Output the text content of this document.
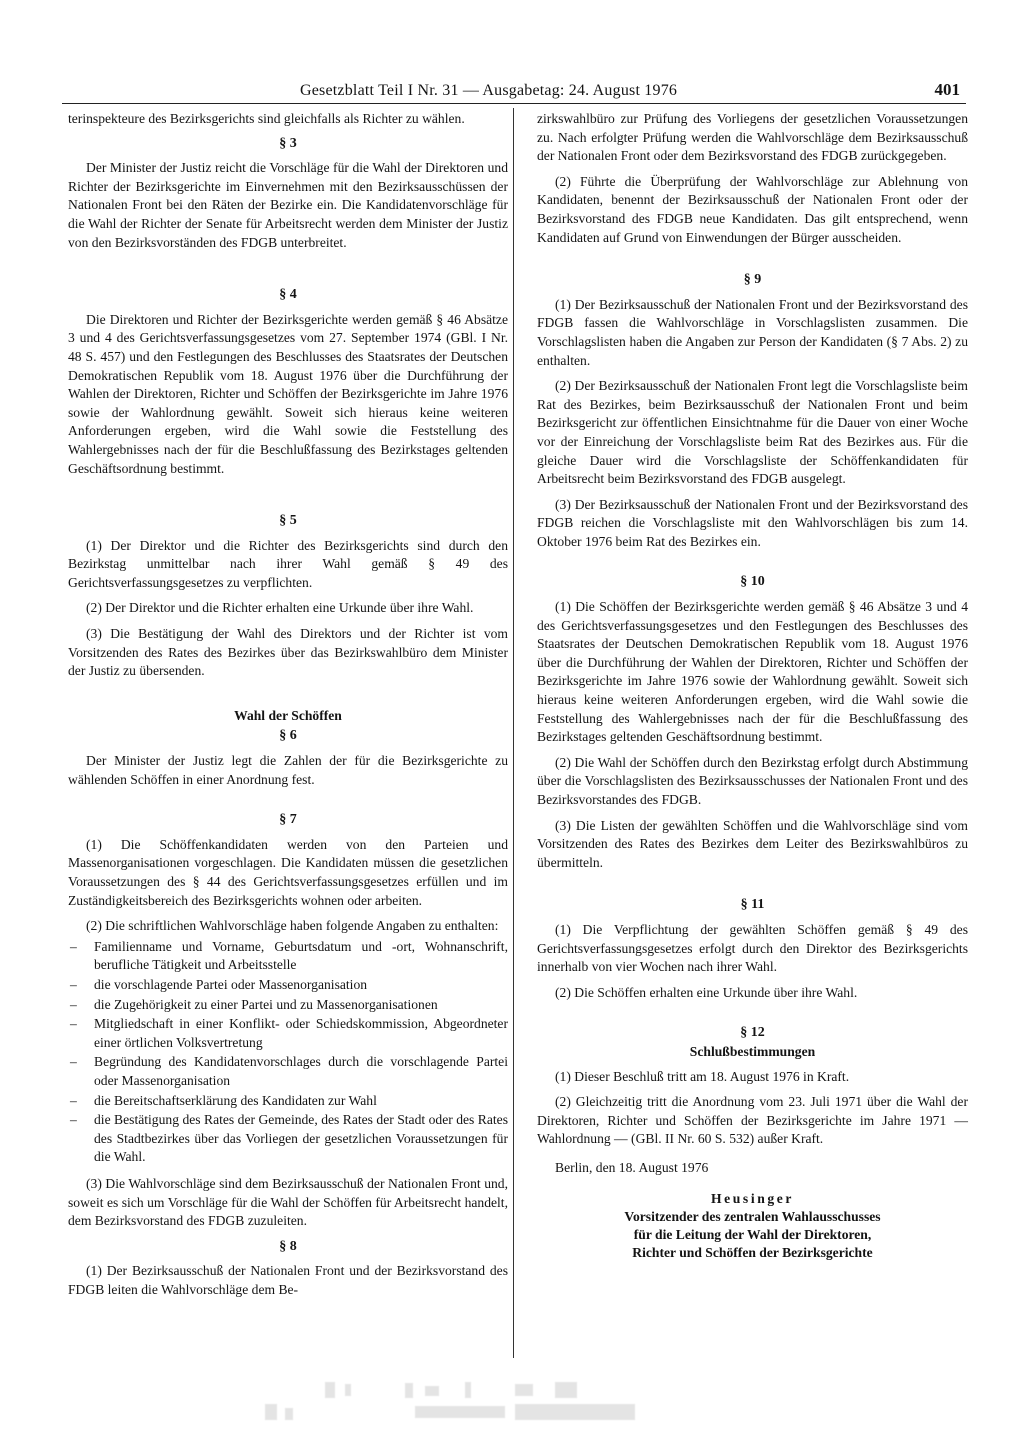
Gesetzblatt Teil I Nr. 31 — Ausgabetag: 24. August 1976	401

terinspekteure des Bezirksgerichts sind gleichfalls als Richter zu wählen.

§ 3

Der Minister der Justiz reicht die Vorschläge für die Wahl der Direktoren und Richter der Bezirksgerichte im Einvernehmen mit den Bezirksausschüssen der Nationalen Front bei den Räten der Bezirke ein. Die Kandidatenvorschläge für die Wahl der Richter der Senate für Arbeitsrecht werden dem Minister der Justiz von den Bezirksvorständen des FDGB unterbreitet.

§ 4

Die Direktoren und Richter der Bezirksgerichte werden gemäß § 46 Absätze 3 und 4 des Gerichtsverfassungsgesetzes vom 27. September 1974 (GBl. I Nr. 48 S. 457) und den Festlegungen des Beschlusses des Staatsrates der Deutschen Demokratischen Republik vom 18. August 1976 über die Durchführung der Wahlen der Direktoren, Richter und Schöffen der Bezirksgerichte im Jahre 1976 sowie der Wahlordnung gewählt. Soweit sich hieraus keine weiteren Anforderungen ergeben, wird die Wahl sowie die Feststellung des Wahlergebnisses nach der für die Beschlußfassung des Bezirkstages geltenden Geschäftsordnung bestimmt.

§ 5

(1) Der Direktor und die Richter des Bezirksgerichts sind durch den Bezirkstag unmittelbar nach ihrer Wahl gemäß § 49 des Gerichtsverfassungsgesetzes zu verpflichten.

(2) Der Direktor und die Richter erhalten eine Urkunde über ihre Wahl.

(3) Die Bestätigung der Wahl des Direktors und der Richter ist vom Vorsitzenden des Rates des Bezirkes über das Bezirkswahlbüro dem Minister der Justiz zu übersenden.

Wahl der Schöffen
§ 6

Der Minister der Justiz legt die Zahlen der für die Bezirksgerichte zu wählenden Schöffen in einer Anordnung fest.

§ 7

(1) Die Schöffenkandidaten werden von den Parteien und Massenorganisationen vorgeschlagen. Die Kandidaten müssen die gesetzlichen Voraussetzungen des § 44 des Gerichtsverfassungsgesetzes erfüllen und im Zuständigkeitsbereich des Bezirksgerichts wohnen oder arbeiten.

(2) Die schriftlichen Wahlvorschläge haben folgende Angaben zu enthalten:

– Familienname und Vorname, Geburtsdatum und -ort, Wohnanschrift, berufliche Tätigkeit und Arbeitsstelle
– die vorschlagende Partei oder Massenorganisation
– die Zugehörigkeit zu einer Partei und zu Massenorganisationen
– Mitgliedschaft in einer Konflikt- oder Schiedskommission, Abgeordneter einer örtlichen Volksvertretung
– Begründung des Kandidatenvorschlages durch die vorschlagende Partei oder Massenorganisation
– die Bereitschaftserklärung des Kandidaten zur Wahl
– die Bestätigung des Rates der Gemeinde, des Rates der Stadt oder des Rates des Stadtbezirkes über das Vorliegen der gesetzlichen Voraussetzungen für die Wahl.

(3) Die Wahlvorschläge sind dem Bezirksausschuß der Nationalen Front und, soweit es sich um Vorschläge für die Wahl der Schöffen für Arbeitsrecht handelt, dem Bezirksvorstand des FDGB zuzuleiten.

§ 8

(1) Der Bezirksausschuß der Nationalen Front und der Bezirksvorstand des FDGB leiten die Wahlvorschläge dem Be-

zirkswahlbüro zur Prüfung des Vorliegens der gesetzlichen Voraussetzungen zu. Nach erfolgter Prüfung werden die Wahlvorschläge dem Bezirksausschuß der Nationalen Front oder dem Bezirksvorstand des FDGB zurückgegeben.

(2) Führte die Überprüfung der Wahlvorschläge zur Ablehnung von Kandidaten, benennt der Bezirksausschuß der Nationalen Front oder der Bezirksvorstand des FDGB neue Kandidaten. Das gilt entsprechend, wenn Kandidaten auf Grund von Einwendungen der Bürger ausscheiden.

§ 9

(1) Der Bezirksausschuß der Nationalen Front und der Bezirksvorstand des FDGB fassen die Wahlvorschläge in Vorschlagslisten zusammen. Die Vorschlagslisten haben die Angaben zur Person der Kandidaten (§ 7 Abs. 2) zu enthalten.

(2) Der Bezirksausschuß der Nationalen Front legt die Vorschlagsliste beim Rat des Bezirkes, beim Bezirksausschuß der Nationalen Front und beim Bezirksgericht zur öffentlichen Einsichtnahme für die Dauer von einer Woche vor der Einreichung der Vorschlagsliste beim Rat des Bezirkes aus. Für die gleiche Dauer wird die Vorschlagsliste der Schöffenkandidaten für Arbeitsrecht beim Bezirksvorstand des FDGB ausgelegt.

(3) Der Bezirksausschuß der Nationalen Front und der Bezirksvorstand des FDGB reichen die Vorschlagsliste mit den Wahlvorschlägen bis zum 14. Oktober 1976 beim Rat des Bezirkes ein.

§ 10

(1) Die Schöffen der Bezirksgerichte werden gemäß § 46 Absätze 3 und 4 des Gerichtsverfassungsgesetzes und den Festlegungen des Beschlusses des Staatsrates der Deutschen Demokratischen Republik vom 18. August 1976 über die Durchführung der Wahlen der Direktoren, Richter und Schöffen der Bezirksgerichte im Jahre 1976 sowie der Wahlordnung gewählt. Soweit sich hieraus keine weiteren Anforderungen ergeben, wird die Wahl sowie die Feststellung des Wahlergebnisses nach der für die Beschlußfassung des Bezirkstages geltenden Geschäftsordnung bestimmt.

(2) Die Wahl der Schöffen durch den Bezirkstag erfolgt durch Abstimmung über die Vorschlagslisten des Bezirksausschusses der Nationalen Front und des Bezirksvorstandes des FDGB.

(3) Die Listen der gewählten Schöffen und die Wahlvorschläge sind vom Vorsitzenden des Rates des Bezirkes dem Leiter des Bezirkswahlbüros zu übermitteln.

§ 11

(1) Die Verpflichtung der gewählten Schöffen gemäß § 49 des Gerichtsverfassungsgesetzes erfolgt durch den Direktor des Bezirksgerichts innerhalb von vier Wochen nach ihrer Wahl.

(2) Die Schöffen erhalten eine Urkunde über ihre Wahl.

§ 12
Schlußbestimmungen

(1) Dieser Beschluß tritt am 18. August 1976 in Kraft.

(2) Gleichzeitig tritt die Anordnung vom 23. Juli 1971 über die Wahl der Direktoren, Richter und Schöffen der Bezirksgerichte im Jahre 1971 — Wahlordnung — (GBl. II Nr. 60 S. 532) außer Kraft.

Berlin, den 18. August 1976

Heusinger
Vorsitzender des zentralen Wahlausschusses
für die Leitung der Wahl der Direktoren,
Richter und Schöffen der Bezirksgerichte
